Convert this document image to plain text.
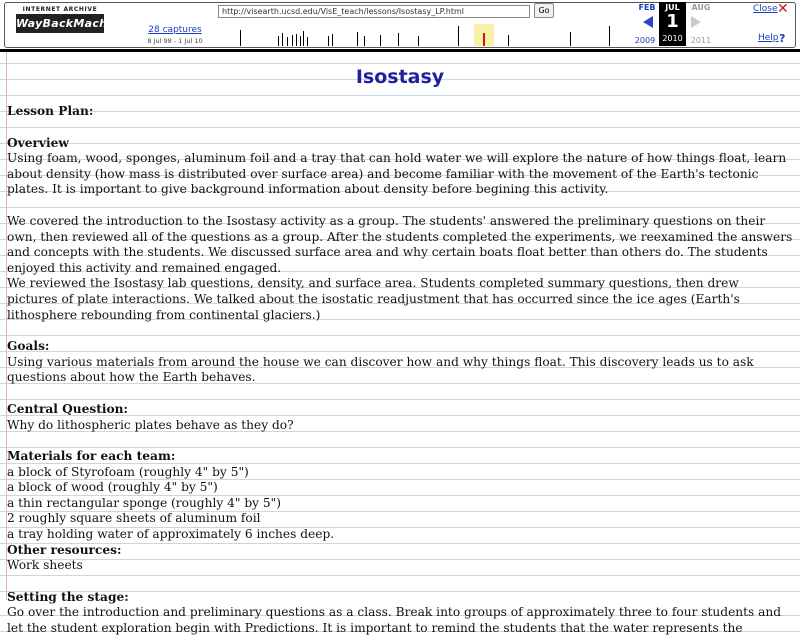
INTERNET ARCHIVE
WayBackMachine
http://visearth.ucsd.edu/VisE_teach/lessons/Isostasy_LP.html	Go
28 captures
8 Jul 98 - 1 Jul 10
FEB
2009
JUL
1
2010
AUG
2011
Close ✕
Help ?
Isostasy

Lesson Plan:

Overview

Using foam, wood, sponges, aluminum foil and a tray that can hold water we will explore the nature of how things float, learn about density (how mass is distributed over surface area) and become familiar with the movement of the Earth's tectonic plates. It is important to give background information about density before begining this activity.

We covered the introduction to the Isostasy activity as a group. The students' answered the preliminary questions on their own, then reviewed all of the questions as a group. After the students completed the experiments, we reexamined the answers and concepts with the students. We discussed surface area and why certain boats float better than others do. The students enjoyed this activity and remained engaged.

We reviewed the Isostasy lab questions, density, and surface area. Students completed summary questions, then drew pictures of plate interactions. We talked about the isostatic readjustment that has occurred since the ice ages (Earth's lithosphere rebounding from continental glaciers.)

Goals:

Using various materials from around the house we can discover how and why things float. This discovery leads us to ask questions about how the Earth behaves.

Central Question:

Why do lithospheric plates behave as they do?

Materials for each team:

a block of Styrofoam (roughly 4" by 5")

a block of wood (roughly 4" by 5")

a thin rectangular sponge (roughly 4" by 5")

2 roughly square sheets of aluminum foil

a tray holding water of approximately 6 inches deep.

Other resources:

Work sheets

Setting the stage:

Go over the introduction and preliminary questions as a class. Break into groups of approximately three to four students and let the student exploration begin with Predictions. It is important to remind the students that the water represents the
